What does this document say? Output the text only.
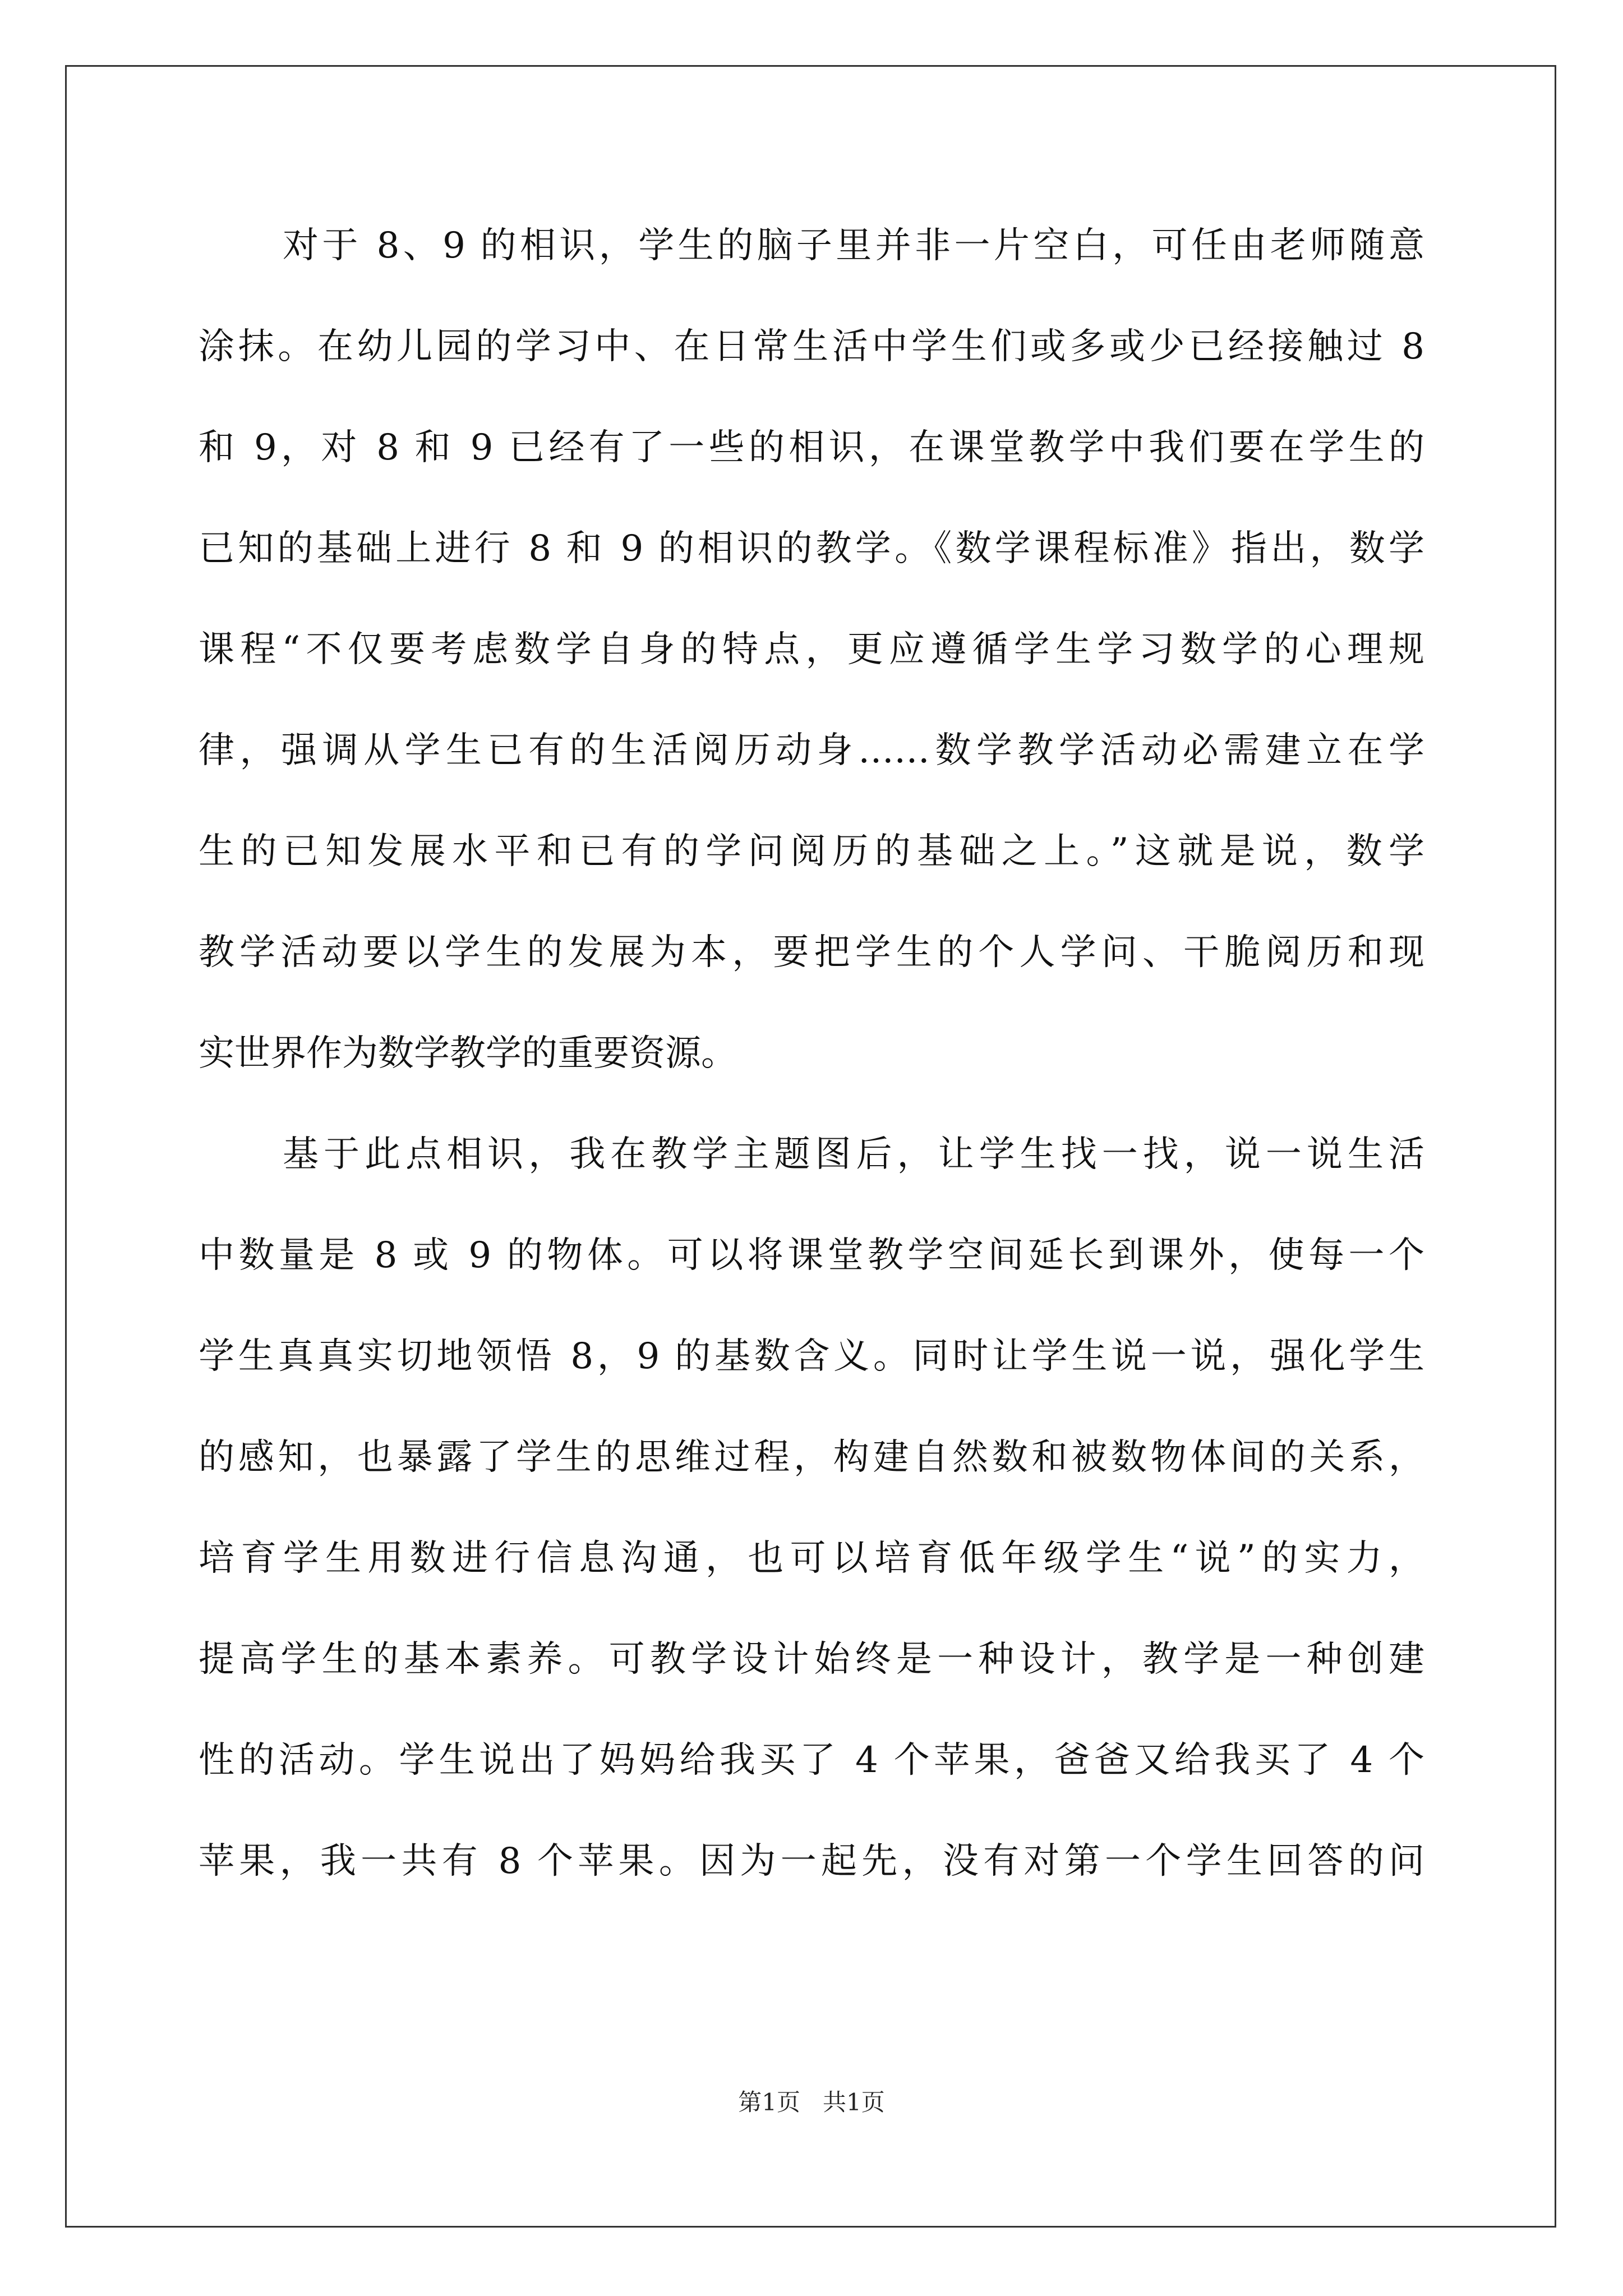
对于 8、9 的相识，学生的脑子里并非一片空白，可任由老师随意
涂抹。在幼儿园的学习中、在日常生活中学生们或多或少已经接触过 8
和 9，对 8 和 9 已经有了一些的相识，在课堂教学中我们要在学生的
已知的基础上进行 8 和 9 的相识的教学。《数学课程标准》指出，数学
课程“不仅要考虑数学自身的特点，更应遵循学生学习数学的心理规
律，强调从学生已有的生活阅历动身……数学教学活动必需建立在学
生的已知发展水平和已有的学问阅历的基础之上。”这就是说，数学
教学活动要以学生的发展为本，要把学生的个人学问、干脆阅历和现
实世界作为数学教学的重要资源。
基于此点相识，我在教学主题图后，让学生找一找，说一说生活
中数量是 8 或 9 的物体。可以将课堂教学空间延长到课外，使每一个
学生真真实切地领悟 8，9 的基数含义。同时让学生说一说，强化学生
的感知，也暴露了学生的思维过程，构建自然数和被数物体间的关系，
培育学生用数进行信息沟通，也可以培育低年级学生“说”的实力，
提高学生的基本素养。可教学设计始终是一种设计，教学是一种创建
性的活动。学生说出了妈妈给我买了 4 个苹果，爸爸又给我买了 4 个
苹果，我一共有 8 个苹果。因为一起先，没有对第一个学生回答的问
第1页   共1页
